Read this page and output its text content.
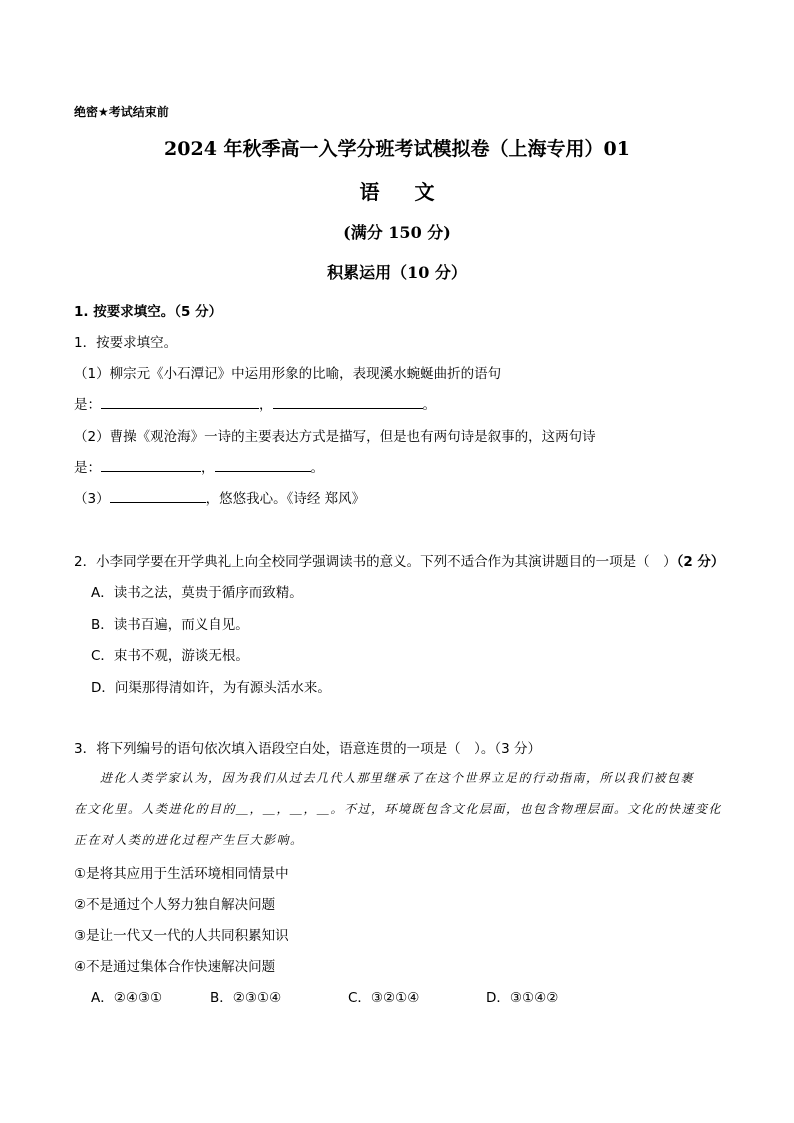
绝密★考试结束前
2024 年秋季高一入学分班考试模拟卷（上海专用）01
语 文
(满分 150 分)
积累运用（10 分）
1. 按要求填空。（5 分）
1．按要求填空。
（1）柳宗元《小石潭记》中运用形象的比喻，表现溪水蜿蜒曲折的语句
是：	，	。
（2）曹操《观沧海》一诗的主要表达方式是描写，但是也有两句诗是叙事的，这两句诗
是：	，	。
（3）	，悠悠我心。《诗经 郑风》
2．小李同学要在开学典礼上向全校同学强调读书的意义。下列不适合作为其演讲题目的一项是（　）（2 分）
A．读书之法，莫贵于循序而致精。
B．读书百遍，而义自见。
C．束书不观，游谈无根。
D．问渠那得清如许，为有源头活水来。
3．将下列编号的语句依次填入语段空白处，语意连贯的一项是（　）。（3 分）
进化人类学家认为，因为我们从过去几代人那里继承了在这个世界立足的行动指南，所以我们被包裹
在文化里。人类进化的目的＿，＿，＿，＿。不过，环境既包含文化层面，也包含物理层面。文化的快速变化
正在对人类的进化过程产生巨大影响。
①是将其应用于生活环境相同情景中
②不是通过个人努力独自解决问题
③是让一代又一代的人共同积累知识
④不是通过集体合作快速解决问题
A．②④③①	B．②③①④	C．③②①④	D．③①④②
